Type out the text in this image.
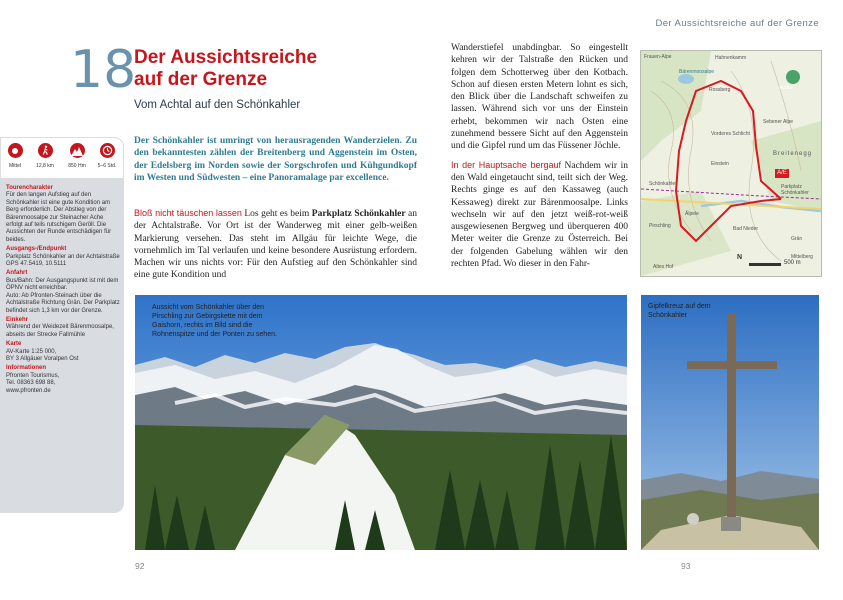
Der Aussichtsreiche auf der Grenze
18
Der Aussichtsreiche
auf der Grenze
Vom Achtal auf den Schönkahler
Mittel	12,8 km	850 Hm	5–6 Std.
Tourencharakter
Für den langen Aufstieg auf den Schönkahler ist eine gute Kondition am Berg erforderlich. Der Abstieg von der Bärenmoosalpe zur Steinacher Ache erfolgt auf teils rutschigem Geröll. Die Aussichten der Runde entschädigen für beides.
Ausgangs-/Endpunkt
Parkplatz Schönkahler an der Achtalstraße
GPS 47.5419, 10.5111
Anfahrt
Bus/Bahn: Der Ausgangspunkt ist mit dem ÖPNV nicht erreichbar.
Auto: Ab Pfronten-Steinach über die Achtalstraße Richtung Grän. Der Parkplatz befindet sich 1,3 km vor der Grenze.
Einkehr
Während der Weidezeit Bärenmoosalpe, abseits der Strecke Fallmühle
Karte
AV-Karte 1:25 000,
BY 3 Allgäuer Voralpen Ost
Informationen
Pfronten Tourismus,
Tel. 08363 698 88,
www.pfronten.de
Der Schönkahler ist umringt von herausragenden Wanderzielen. Zu den bekanntesten zählen der Breitenberg und Aggenstein im Osten, der Edelsberg im Norden sowie der Sorgschrofen und Kühgundkopf im Westen und Südwesten – eine Panoramalage par excellence.
Bloß nicht täuschen lassen Los geht es beim Parkplatz Schönkahler an der Achtalstraße. Vor Ort ist der Wanderweg mit einer gelb-weißen Markierung versehen. Das steht im Allgäu für leichte Wege, die vornehmlich im Tal verlaufen und keine besondere Ausrüstung erfordern. Machen wir uns nichts vor: Für den Aufstieg auf den Schönkahler sind eine gute Kondition und
Wanderstiefel unabdingbar. So eingestellt kehren wir der Talstraße den Rücken und folgen dem Schotterweg über den Kotbach. Schon auf diesen ersten Metern lohnt es sich, den Blick über die Landschaft schweifen zu lassen. Während sich vor uns der Einstein erhebt, bekommen wir nach Osten eine zunehmend bessere Sicht auf den Aggenstein und die Gipfel rund um das Füssener Jöchle.
In der Hauptsache bergauf Nachdem wir in den Wald eingetaucht sind, teilt sich der Weg. Rechts ginge es auf den Kassaweg (auch Kessaweg) direkt zur Bärenmoosalpe. Links wechseln wir auf den jetzt weiß-rot-weiß ausgewiesenen Bergweg und überqueren 400 Meter weiter die Grenze zu Österreich. Bei der folgenden Gabelung wählen wir den rechten Pfad. Wo dieser in den Fahr-
Frauen-Alpe	Hahnenkamm
Bärenmoosalpe
Rossberg	Achtal
Vorderes Schlicht
Sebener Alpe
Einstein
Breitenegg
A/E
Parkplatz Schönkahler
Schönkahler
Älpele
Pirschling	Bad Nieder
Grän
Altes Hof
Mittelberg
500 m
N
Aussicht vom Schönkahler über den Pirschling zur Gebirgskette mit dem Gaishorn, rechts im Bild sind die Rohnenspitze und der Ponten zu sehen.
Gipfelkreuz auf dem Schönkahler
92	93
